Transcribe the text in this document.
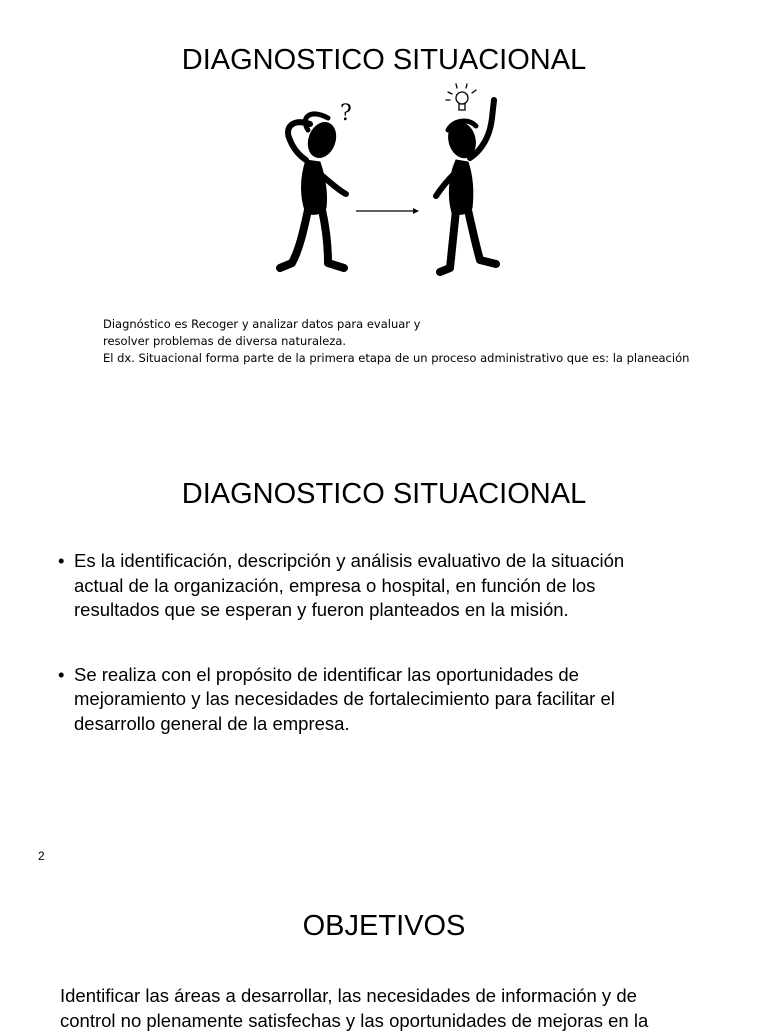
DIAGNOSTICO SITUACIONAL
?
Diagnóstico es Recoger y analizar datos para evaluar y
resolver problemas de diversa naturaleza.
El dx. Situacional forma parte de la primera etapa de un proceso administrativo que es: la planeación
DIAGNOSTICO SITUACIONAL
• Es la identificación, descripción y análisis evaluativo de la situación
actual de la organización, empresa o hospital, en función de los
resultados que se esperan y fueron planteados en la misión.
• Se realiza con el propósito de identificar las oportunidades de
mejoramiento y las necesidades de fortalecimiento para facilitar el
desarrollo general de la empresa.
2
OBJETIVOS
Identificar las áreas a desarrollar, las necesidades de información y de
control no plenamente satisfechas y las oportunidades de mejoras en la
